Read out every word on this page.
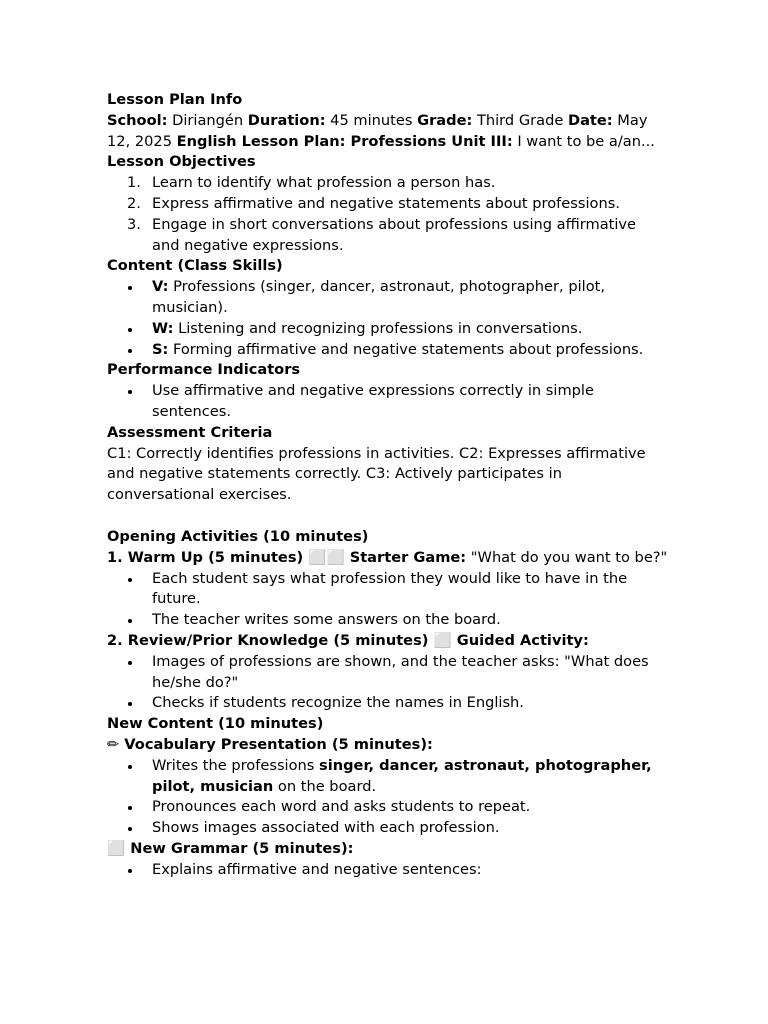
Lesson Plan Info

School: Diriangén Duration: 45 minutes Grade: Third Grade Date: May 12, 2025 English Lesson Plan: Professions Unit III: I want to be a/an...

Lesson Objectives

1. Learn to identify what profession a person has.
2. Express affirmative and negative statements about professions.
3. Engage in short conversations about professions using affirmative and negative expressions.

Content (Class Skills)

V: Professions (singer, dancer, astronaut, photographer, pilot, musician).
W: Listening and recognizing professions in conversations.
S: Forming affirmative and negative statements about professions.

Performance Indicators

Use affirmative and negative expressions correctly in simple sentences.

Assessment Criteria

C1: Correctly identifies professions in activities. C2: Expresses affirmative and negative statements correctly. C3: Actively participates in conversational exercises.

Opening Activities (10 minutes)

1. Warm Up (5 minutes) ⬜⬜ Starter Game: "What do you want to be?"

Each student says what profession they would like to have in the future.
The teacher writes some answers on the board.

2. Review/Prior Knowledge (5 minutes) ⬜ Guided Activity:

Images of professions are shown, and the teacher asks: "What does he/she do?"
Checks if students recognize the names in English.

New Content (10 minutes)

✏ Vocabulary Presentation (5 minutes):

Writes the professions singer, dancer, astronaut, photographer, pilot, musician on the board.
Pronounces each word and asks students to repeat.
Shows images associated with each profession.

⬜ New Grammar (5 minutes):

Explains affirmative and negative sentences:
